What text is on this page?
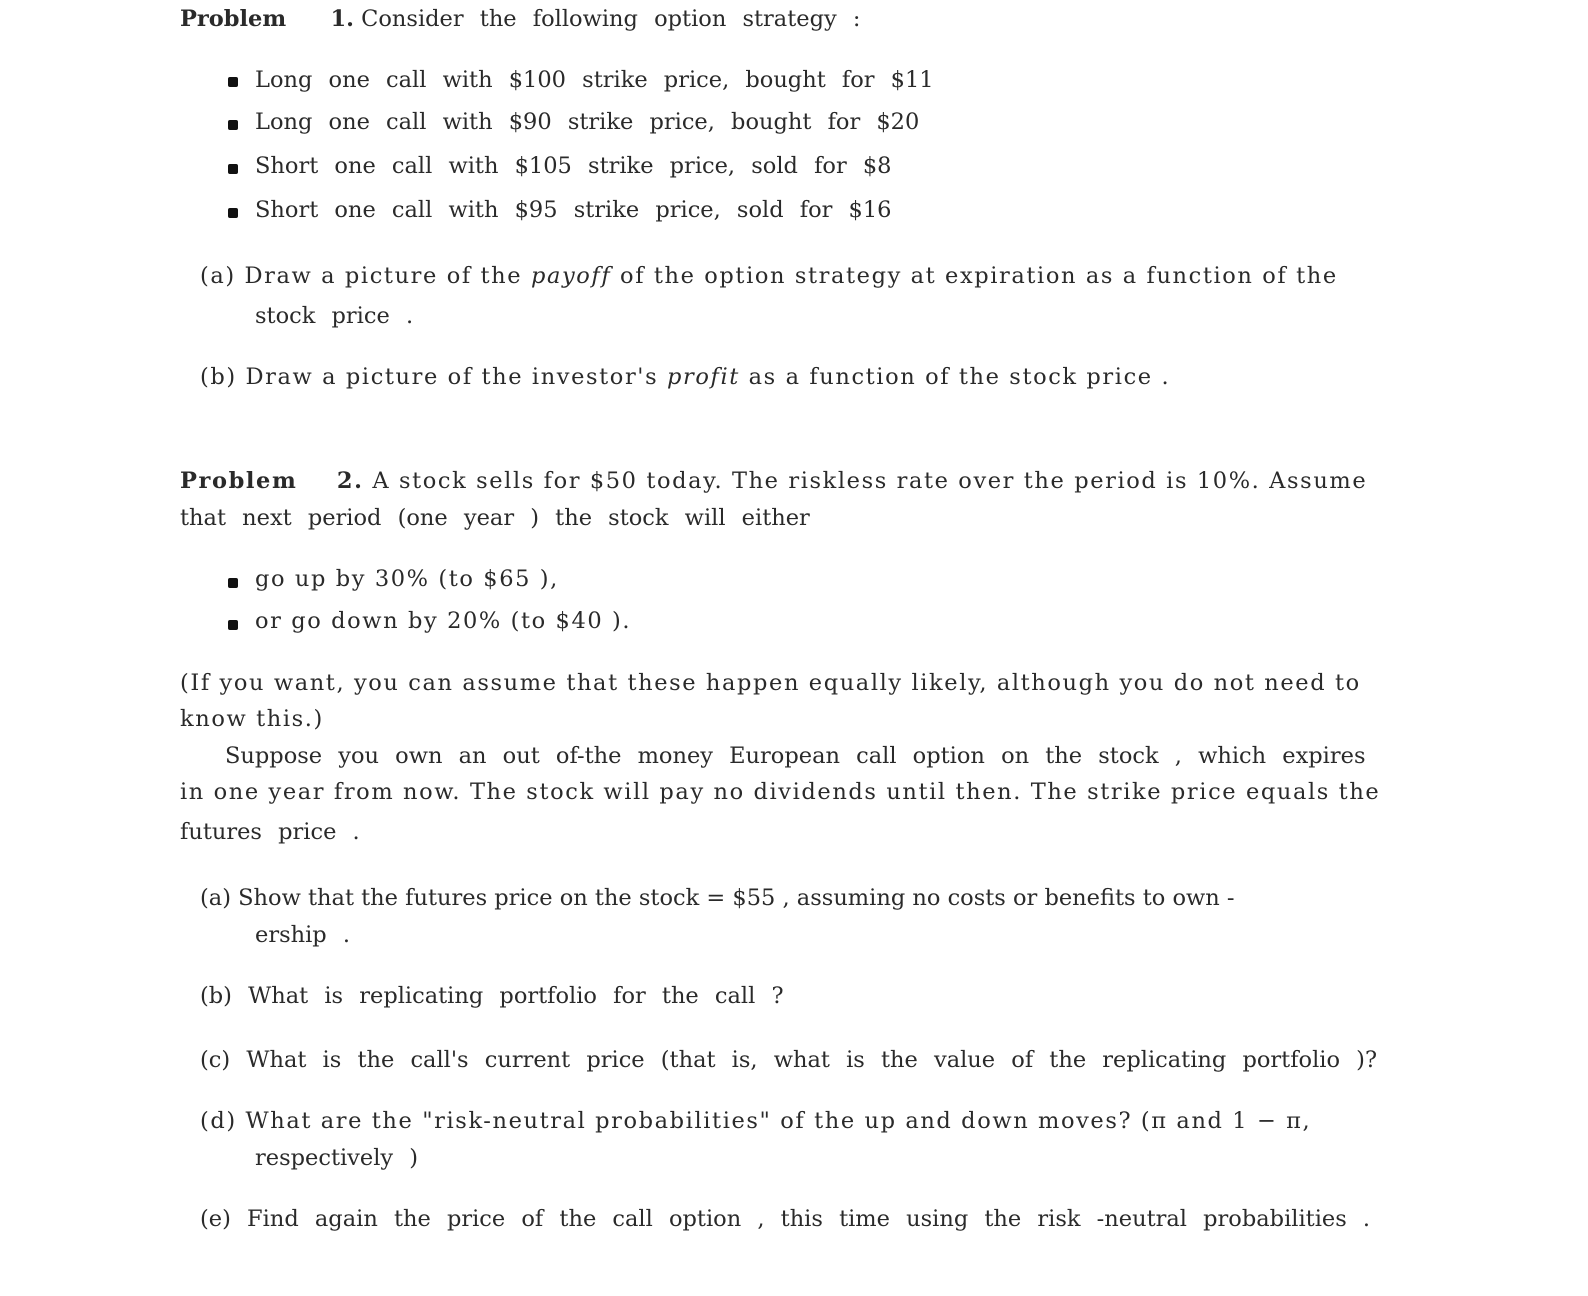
Problem 1. Consider the following option strategy :
Long one call with $100 strike price, bought for $11
Long one call with $90 strike price, bought for $20
Short one call with $105 strike price, sold for $8
Short one call with $95 strike price, sold for $16
(a) Draw a picture of the payoff of the option strategy at expiration as a function of the
stock price .
(b) Draw a picture of the investor's profit as a function of the stock price .
Problem 2. A stock sells for $50 today. The riskless rate over the period is 10%. Assume
that next period (one year ) the stock will either
go up by 30% (to $65 ),
or go down by 20% (to $40 ).
(If you want, you can assume that these happen equally likely, although you do not need to
know this.)
Suppose you own an out of-the money European call option on the stock , which expires
in one year from now. The stock will pay no dividends until then. The strike price equals the
futures price .
(a) Show that the futures price on the stock = $55 , assuming no costs or benefits to own -
ership .
(b) What is replicating portfolio for the call ?
(c) What is the call's current price (that is, what is the value of the replicating portfolio )?
(d) What are the "risk-neutral probabilities" of the up and down moves? (π and 1 − π,
respectively )
(e) Find again the price of the call option , this time using the risk -neutral probabilities .
